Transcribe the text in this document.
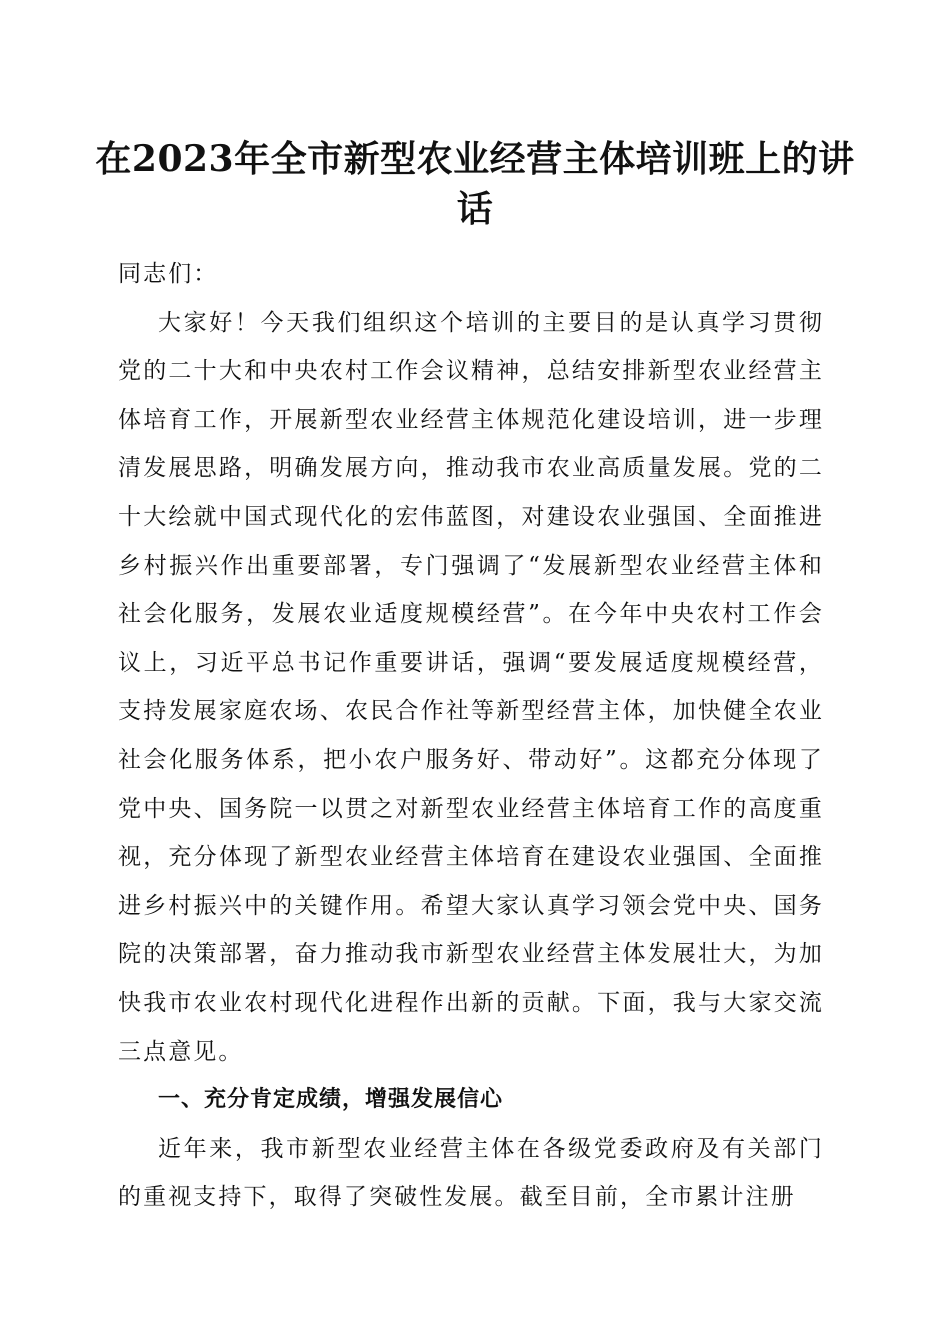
在2023年全市新型农业经营主体培训班上的讲话

同志们：

大家好！今天我们组织这个培训的主要目的是认真学习贯彻党的二十大和中央农村工作会议精神，总结安排新型农业经营主体培育工作，开展新型农业经营主体规范化建设培训，进一步理清发展思路，明确发展方向，推动我市农业高质量发展。党的二十大绘就中国式现代化的宏伟蓝图，对建设农业强国、全面推进乡村振兴作出重要部署，专门强调了“发展新型农业经营主体和社会化服务，发展农业适度规模经营”。在今年中央农村工作会议上，习近平总书记作重要讲话，强调“要发展适度规模经营，支持发展家庭农场、农民合作社等新型经营主体，加快健全农业社会化服务体系，把小农户服务好、带动好”。这都充分体现了党中央、国务院一以贯之对新型农业经营主体培育工作的高度重视，充分体现了新型农业经营主体培育在建设农业强国、全面推进乡村振兴中的关键作用。希望大家认真学习领会党中央、国务院的决策部署，奋力推动我市新型农业经营主体发展壮大，为加快我市农业农村现代化进程作出新的贡献。下面，我与大家交流三点意见。

一、充分肯定成绩，增强发展信心

近年来，我市新型农业经营主体在各级党委政府及有关部门的重视支持下，取得了突破性发展。截至目前，全市累计注册
